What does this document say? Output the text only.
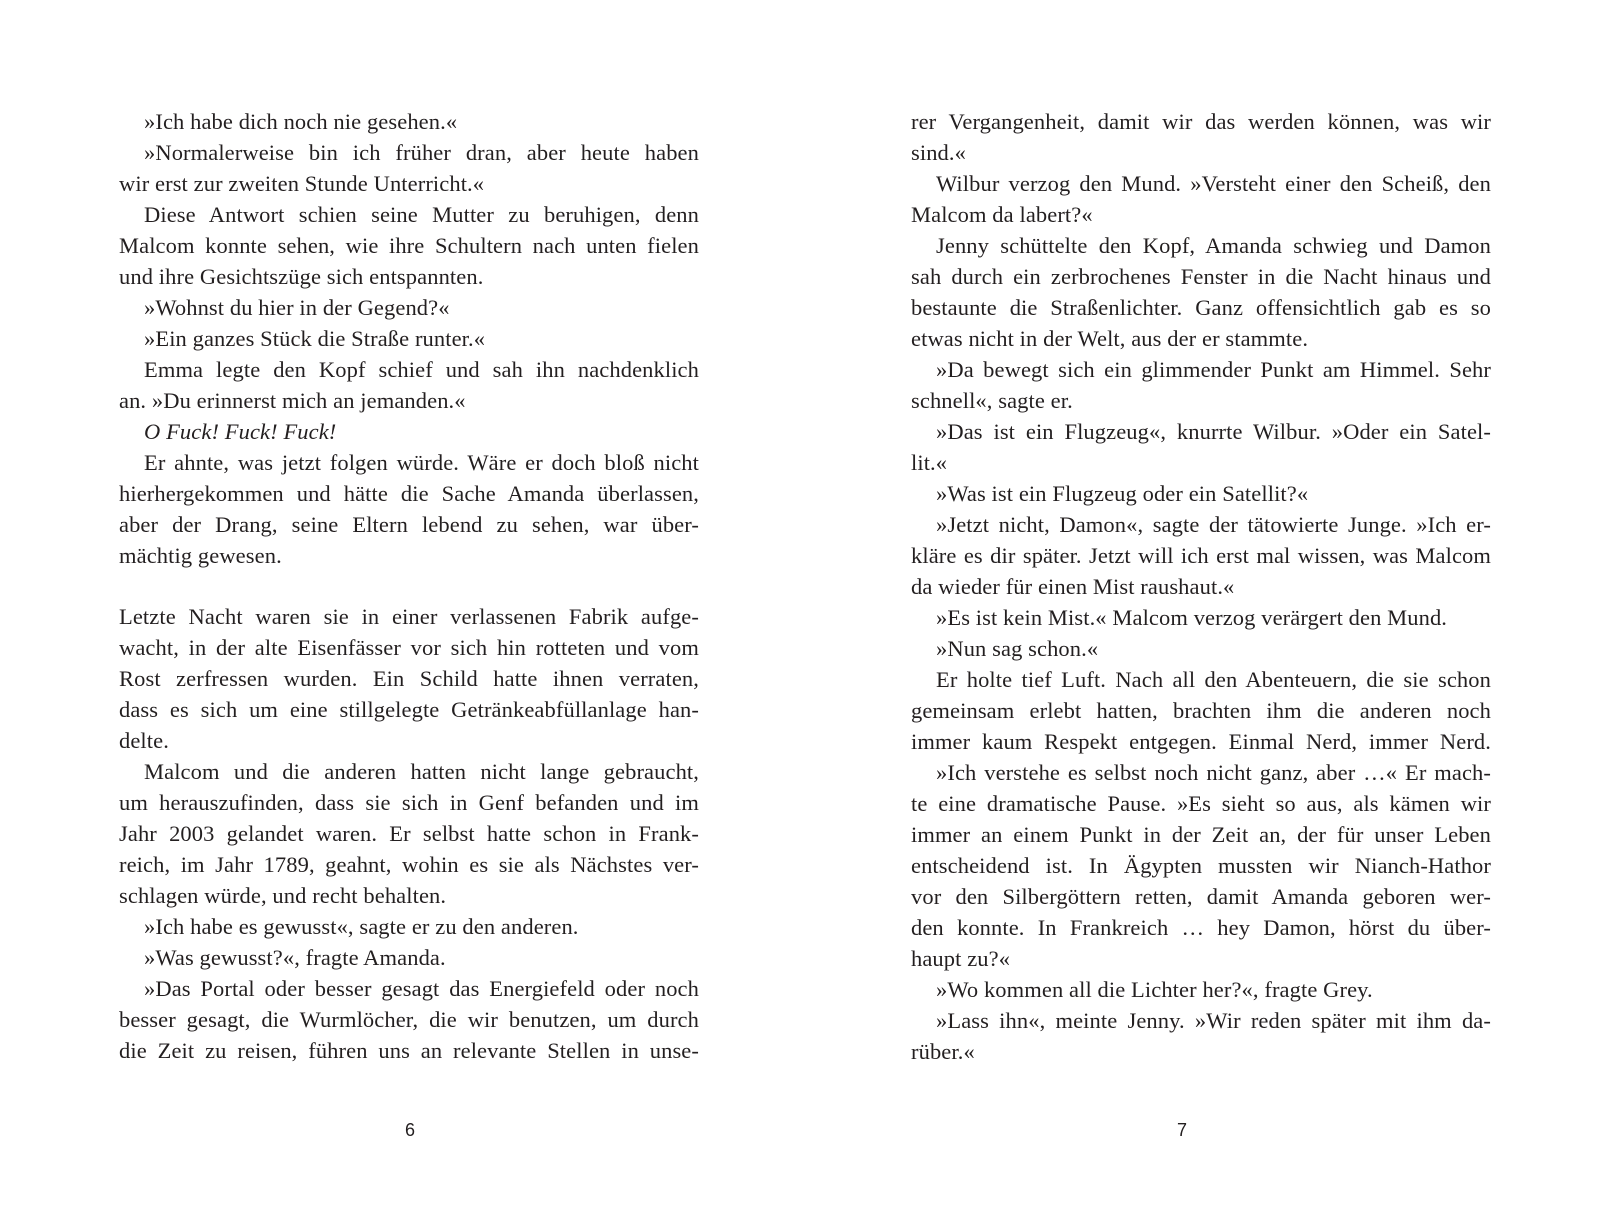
»Ich habe dich noch nie gesehen.«
»Normalerweise bin ich früher dran, aber heute haben
wir erst zur zweiten Stunde Unterricht.«
Diese Antwort schien seine Mutter zu beruhigen, denn
Malcom konnte sehen, wie ihre Schultern nach unten fielen
und ihre Gesichtszüge sich entspannten.
»Wohnst du hier in der Gegend?«
»Ein ganzes Stück die Straße runter.«
Emma legte den Kopf schief und sah ihn nachdenklich
an. »Du erinnerst mich an jemanden.«
O Fuck! Fuck! Fuck!
Er ahnte, was jetzt folgen würde. Wäre er doch bloß nicht
hierhergekommen und hätte die Sache Amanda überlassen,
aber der Drang, seine Eltern lebend zu sehen, war über-
mächtig gewesen.
Letzte Nacht waren sie in einer verlassenen Fabrik aufge-
wacht, in der alte Eisenfässer vor sich hin rotteten und vom
Rost zerfressen wurden. Ein Schild hatte ihnen verraten,
dass es sich um eine stillgelegte Getränkeabfüllanlage han-
delte.
Malcom und die anderen hatten nicht lange gebraucht,
um herauszufinden, dass sie sich in Genf befanden und im
Jahr 2003 gelandet waren. Er selbst hatte schon in Frank-
reich, im Jahr 1789, geahnt, wohin es sie als Nächstes ver-
schlagen würde, und recht behalten.
»Ich habe es gewusst«, sagte er zu den anderen.
»Was gewusst?«, fragte Amanda.
»Das Portal oder besser gesagt das Energiefeld oder noch
besser gesagt, die Wurmlöcher, die wir benutzen, um durch
die Zeit zu reisen, führen uns an relevante Stellen in unse-
6
rer Vergangenheit, damit wir das werden können, was wir
sind.«
Wilbur verzog den Mund. »Versteht einer den Scheiß, den
Malcom da labert?«
Jenny schüttelte den Kopf, Amanda schwieg und Damon
sah durch ein zerbrochenes Fenster in die Nacht hinaus und
bestaunte die Straßenlichter. Ganz offensichtlich gab es so
etwas nicht in der Welt, aus der er stammte.
»Da bewegt sich ein glimmender Punkt am Himmel. Sehr
schnell«, sagte er.
»Das ist ein Flugzeug«, knurrte Wilbur. »Oder ein Satel-
lit.«
»Was ist ein Flugzeug oder ein Satellit?«
»Jetzt nicht, Damon«, sagte der tätowierte Junge. »Ich er-
kläre es dir später. Jetzt will ich erst mal wissen, was Malcom
da wieder für einen Mist raushaut.«
»Es ist kein Mist.« Malcom verzog verärgert den Mund.
»Nun sag schon.«
Er holte tief Luft. Nach all den Abenteuern, die sie schon
gemeinsam erlebt hatten, brachten ihm die anderen noch
immer kaum Respekt entgegen. Einmal Nerd, immer Nerd.
»Ich verstehe es selbst noch nicht ganz, aber …« Er mach-
te eine dramatische Pause. »Es sieht so aus, als kämen wir
immer an einem Punkt in der Zeit an, der für unser Leben
entscheidend ist. In Ägypten mussten wir Nianch-Hathor
vor den Silbergöttern retten, damit Amanda geboren wer-
den konnte. In Frankreich … hey Damon, hörst du über-
haupt zu?«
»Wo kommen all die Lichter her?«, fragte Grey.
»Lass ihn«, meinte Jenny. »Wir reden später mit ihm da-
rüber.«
7
